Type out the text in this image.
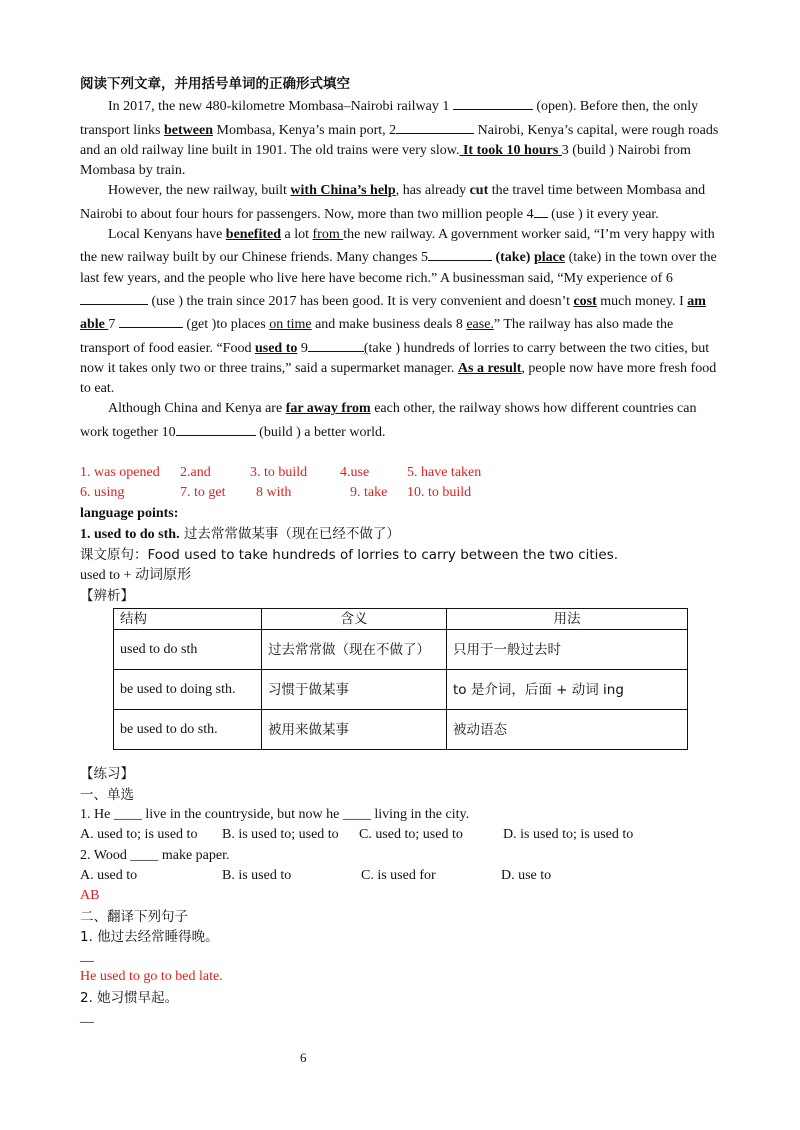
阅读下列文章，并用括号单词的正确形式填空

In 2017, the new 480-kilometre Mombasa–Nairobi railway 1	(open). Before then, the only transport links between Mombasa, Kenya’s main port, 2	Nairobi, Kenya’s capital, were rough roads and an old railway line built in 1901. The old trains were very slow. It took 10 hours 3 (build ) Nairobi from Mombasa by train.

However, the new railway, built with China’s help, has already cut the travel time between Mombasa and Nairobi to about four hours for passengers. Now, more than two million people 4 (use ) it every year.

Local Kenyans have benefited a lot from the new railway. A government worker said, “I’m very happy with the new railway built by our Chinese friends. Many changes 5	(take) place (take) in the town over the last few years, and the people who live here have become rich.” A businessman said, “My experience of 6 (use ) the train since 2017 has been good. It is very convenient and doesn’t cost much money. I am able 7	(get )to places on time and make business deals 8 ease.” The railway has also made the transport of food easier. “Food used to 9	(take ) hundreds of lorries to carry between the two cities, but now it takes only two or three trains,” said a supermarket manager. As a result, people now have more fresh food to eat.

Although China and Kenya are far away from each other, the railway shows how different countries can work together 10	(build ) a better world.

1. was opened 2.and	3. to build 4.use	5. have taken
6. using	7. to get 8 with	9. take 10. to build

language points:

1. used to do sth. 过去常常做某事（现在已经不做了）

课文原句：Food used to take hundreds of lorries to carry between the two cities.

used to + 动词原形

【辨析】

结构	含义	用法
used to do sth	过去常常做（现在不做了）	只用于一般过去时
be used to doing sth.	习惯于做某事	to 是介词，后面 + 动词 ing
be used to do sth.	被用来做某事	被动语态

【练习】

一、单选

1. He ____ live in the countryside, but now he ____ living in the city.

A. used to; is used to B. is used to; used to C. used to; used to	D. is used to; is used to

2. Wood ____ make paper.

A. used to	B. is used to	C. is used for	D. use to

AB

二、翻译下列句子

1. 他过去经常睡得晚。

__

He used to go to bed late.

2. 她习惯早起。

__

6
